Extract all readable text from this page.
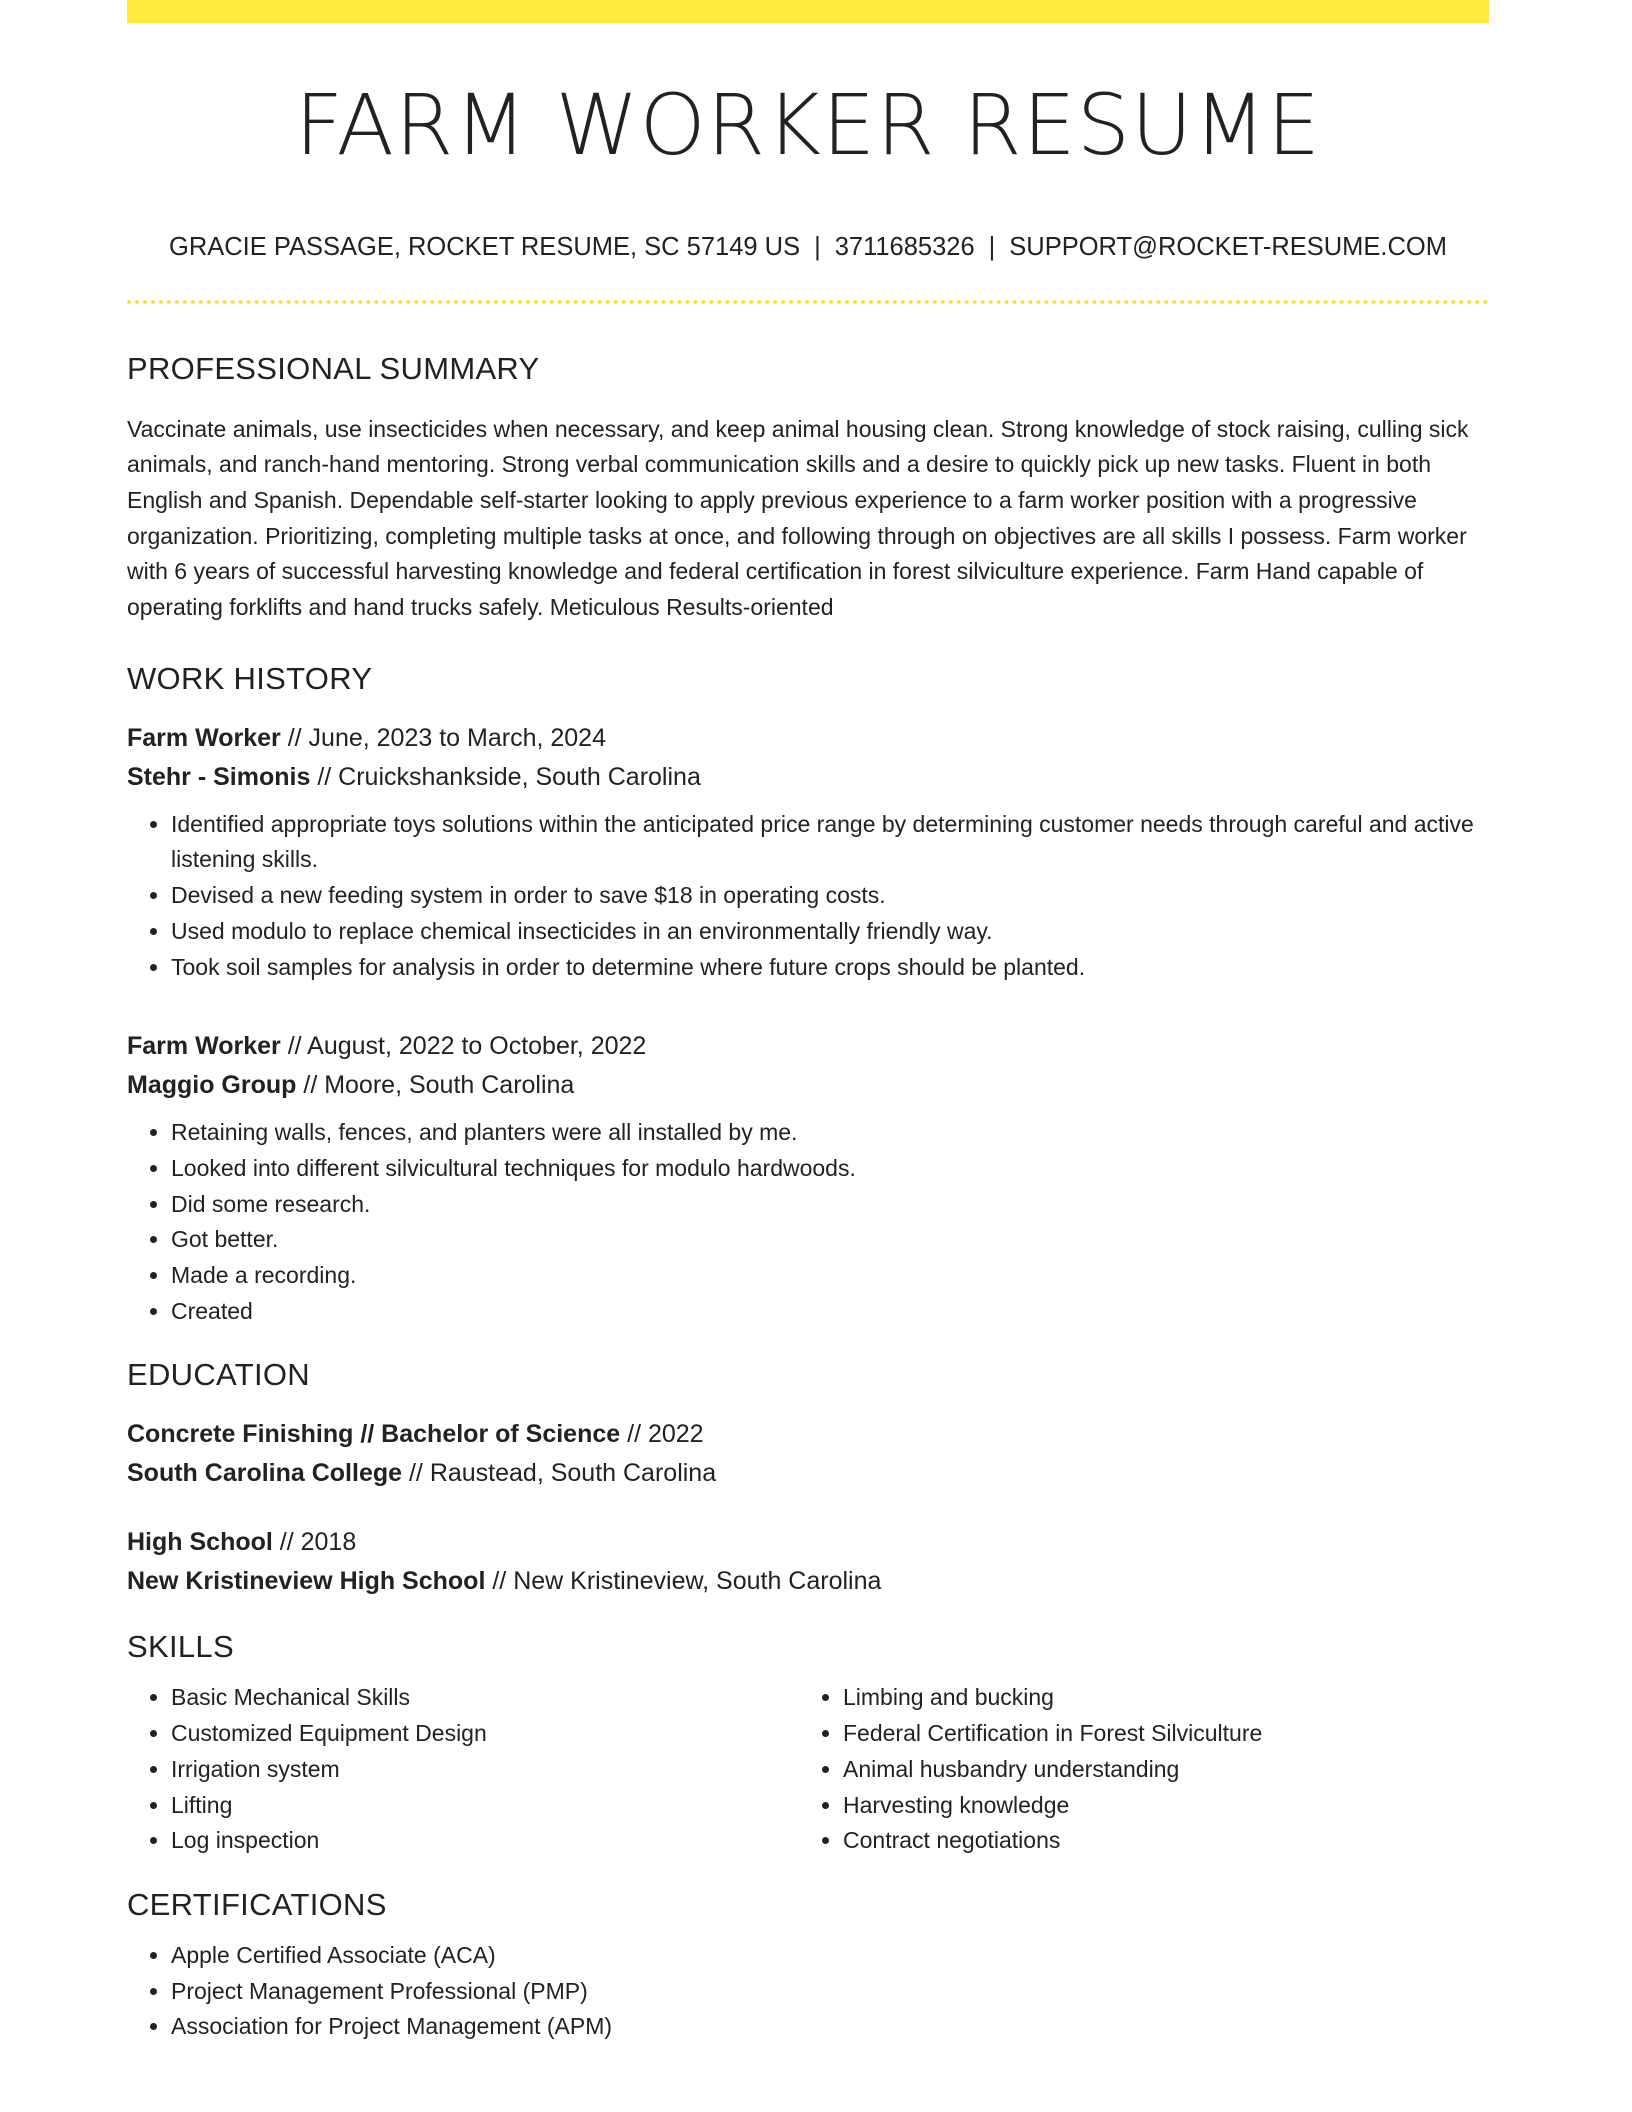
FARM WORKER RESUME
GRACIE PASSAGE, ROCKET RESUME, SC 57149 US | 3711685326 | SUPPORT@ROCKET-RESUME.COM
PROFESSIONAL SUMMARY

Vaccinate animals, use insecticides when necessary, and keep animal housing clean. Strong knowledge of stock raising, culling sick animals, and ranch-hand mentoring. Strong verbal communication skills and a desire to quickly pick up new tasks. Fluent in both English and Spanish. Dependable self-starter looking to apply previous experience to a farm worker position with a progressive organization. Prioritizing, completing multiple tasks at once, and following through on objectives are all skills I possess. Farm worker with 6 years of successful harvesting knowledge and federal certification in forest silviculture experience. Farm Hand capable of operating forklifts and hand trucks safely. Meticulous Results-oriented

WORK HISTORY

Farm Worker // June, 2023 to March, 2024

Stehr - Simonis // Cruickshankside, South Carolina

• Identified appropriate toys solutions within the anticipated price range by determining customer needs through careful and active listening skills.
• Devised a new feeding system in order to save $18 in operating costs.
• Used modulo to replace chemical insecticides in an environmentally friendly way.
• Took soil samples for analysis in order to determine where future crops should be planted.

Farm Worker // August, 2022 to October, 2022

Maggio Group // Moore, South Carolina

• Retaining walls, fences, and planters were all installed by me.
• Looked into different silvicultural techniques for modulo hardwoods.
• Did some research.
• Got better.
• Made a recording.
• Created
EDUCATION

Concrete Finishing // Bachelor of Science // 2022

South Carolina College // Raustead, South Carolina

High School // 2018

New Kristineview High School // New Kristineview, South Carolina

SKILLS
• Basic Mechanical Skills
• Customized Equipment Design
• Irrigation system
• Lifting
• Log inspection
• Limbing and bucking
• Federal Certification in Forest Silviculture
• Animal husbandry understanding
• Harvesting knowledge
• Contract negotiations
CERTIFICATIONS
• Apple Certified Associate (ACA)
• Project Management Professional (PMP)
• Association for Project Management (APM)
